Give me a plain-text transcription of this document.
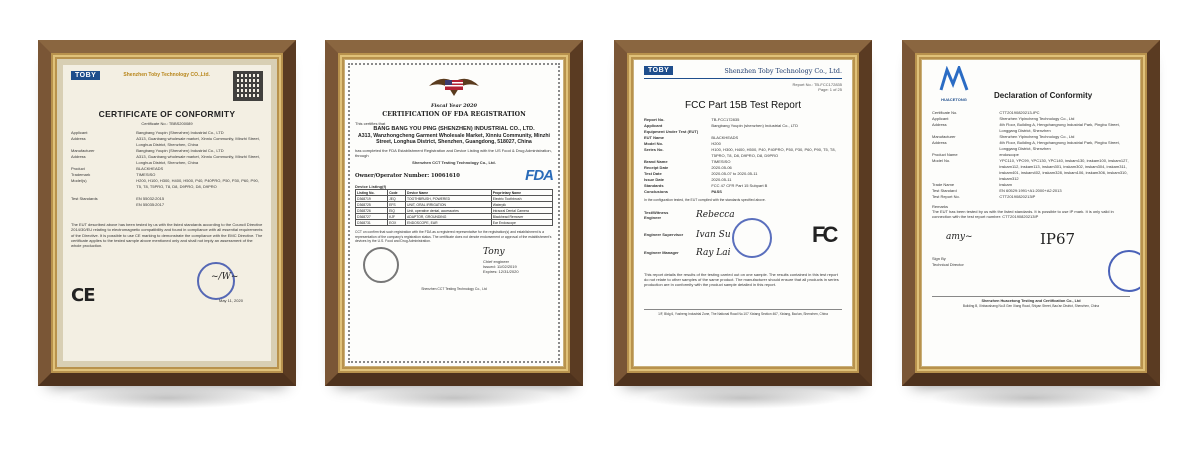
TOBY	Shenzhen Toby Technology CO.,Ltd.
CERTIFICATE OF CONFORMITY
Certificate No.: TBBS200089
Applicant	Bangbang Youpin (Shenzhen) Industrial Co., LTD
Address	A313, Guanbang wholesale market, Xinniu Community, Minzhi Street, Longhua District, Shenzhen, China
Manufacturer	Bangbang Youpin (Shenzhen) Industrial Co., LTD
Address	A313, Guanbang wholesale market, Xinniu Community, Minzhi Street, Longhua District, Shenzhen, China
Product	BLACKHEADS
Trademark	TIMESISO
Model(s)	H200, H100, H300, H400, H500, P40, P40PRO, P50, P30, P60, P90, T5, T8, T5PRO, T8, D8, D9PRO, D8, D9PRO
Test Standards	EN 55032:2015
EN 55035:2017
The EUT described above has been tested by us with the listed standards according to the Council Directive 2014/30/EU relating to electromagnetic compatibility and found in compliance with all essential requirements of the Directive. It is possible to use CE marking to demonstrate the compliance with the EMC Directive. The certificate applies to the tested sample above mentioned only and shall not imply an assessment of the whole production.
CE
~/W~
May 11, 2020
Fiscal Year 2020
CERTIFICATION OF FDA REGISTRATION
This certifies that
BANG BANG YOU PING (SHENZHEN) INDUSTRIAL CO., LTD.
A313, Wanzhongcheng Garment Wholesale Market, Xinniu Community, Minzhi Street, Longhua District, Shenzhen, Guangdong, 518027, China
has completed the FDA Establishment Registration and Device Listing with the US Food & Drug Administration, through
Shenzhen CCT Testing Technology Co., Ltd.
Owner/Operator Number: 10061610	FDA
Device Listing(f)
Listing No.	Code	Device Name	Proprietary Name
D368719	JEQ	TOOTHBRUSH, POWERED	Electric Toothbrush
D368725	EFS	UNIT, ORAL IRRIGATION	Waterpik
D368726	EIQ	Unit, operative dental, accessories	Intraoral Dental Camera
D368727	KJF	ADAPTOR, GROUNDING	Blackhead Remover
D368731	EOX	ENDOSCOPE, EAR	Ear Endoscope
CCT on confirm that such registration with the FDA as a registered representative for the registration(s) and establishment is a representation of the company's registration status. The certificate does not denote endorsement or approval of the establishment's devices by the U.S. Food and Drug Administration.
Tony
Chief engineer
Issued: 11/02/2019
Expires: 12/31/2020
Shenzhen CCT Testing Technology Co., Ltd
TOBY	Shenzhen Toby Technology Co., Ltd.
Report No.: TB-FCC172835
Page: 1 of 25
FCC Part 15B Test Report
Report No.	TB-FCC172835
Applicant	Bangbang Youpin (shenzhen) Industrial Co., LTD
Equipment Under Test (EUT)
EUT Name	BLACKHEADS
Model No.	H200
Series No.	H100, H300, H400, H500, P40, P40PRO, P50, P30, P60, P90, T5, T8, T5PRO, T8, D8, D9PRO, D8, D9PRO
Brand Name	TIMESISO
Receipt Date	2020-05-06
Test Date	2020-05-07 to 2020-05-11
Issue Date	2020-05-11
Standards	FCC 47 CFR Part 15 Subpart B
Conclusions	PASS
In the configuration tested, the EUT complied with the standards specified above.
Test/Witness Engineer	Rebecca
Engineer Supervisor Ivan Su
Engineer Manager Ray Lai
FC
This report details the results of the testing carried out on one sample. The results contained in this test report do not relate to other samples of the same product. The manufacturer should ensure that all products in series production are in conformity with the product sample detailed in this report.
1/F, Bldg 6, Yusheng Industrial Zone, The National Road No.107 Xixiang Section 467, Xixiang, Bao'an, Shenzhen, China
HUACETONG	Declaration of Conformity
Certificate No.	CTT20190820213-IPC
Applicant	Shenzhen Yipincheng Technology Co., Ltd
Address	4th Floor, Building A, Hengchangrong Industrial Park, Pingbu Street, Longgang District, Shenzhen
Manufacturer	Shenzhen Yipincheng Technology Co., Ltd
Address	4th Floor, Building A, Hengchangrong Industrial Park, Pingbu Street, Longgang District, Shenzhen
Product Name	endoscope
Model No.	YPC110, YPC99, YPC130, YPC140, inskam130, inskam100, inskam127, inskam112, inskam113, inskam301, inskam302, inskam304, inskam311, inskam401, inskam402, inskam328, inskam106, inskam306, inskam310, inskam312
Trade Name	inskam
Test Standard	EN 60529:1991+A1:2000+A2:2013
Test Report No.	CTT20190820213IP
Remarks
The EUT has been tested by us with the listed standards. It is possible to use IP mark. It is only valid in connection with the test report number: CTT20190820213IP
amy~	IP67
Sign By
Technical Director
Shenzhen Huacetong Testing and Certification Co., Ltd
Building B, Xinbaoshang No.8 Gen Xiang Road, Shiyan Street, Bao'an District, Shenzhen, China
